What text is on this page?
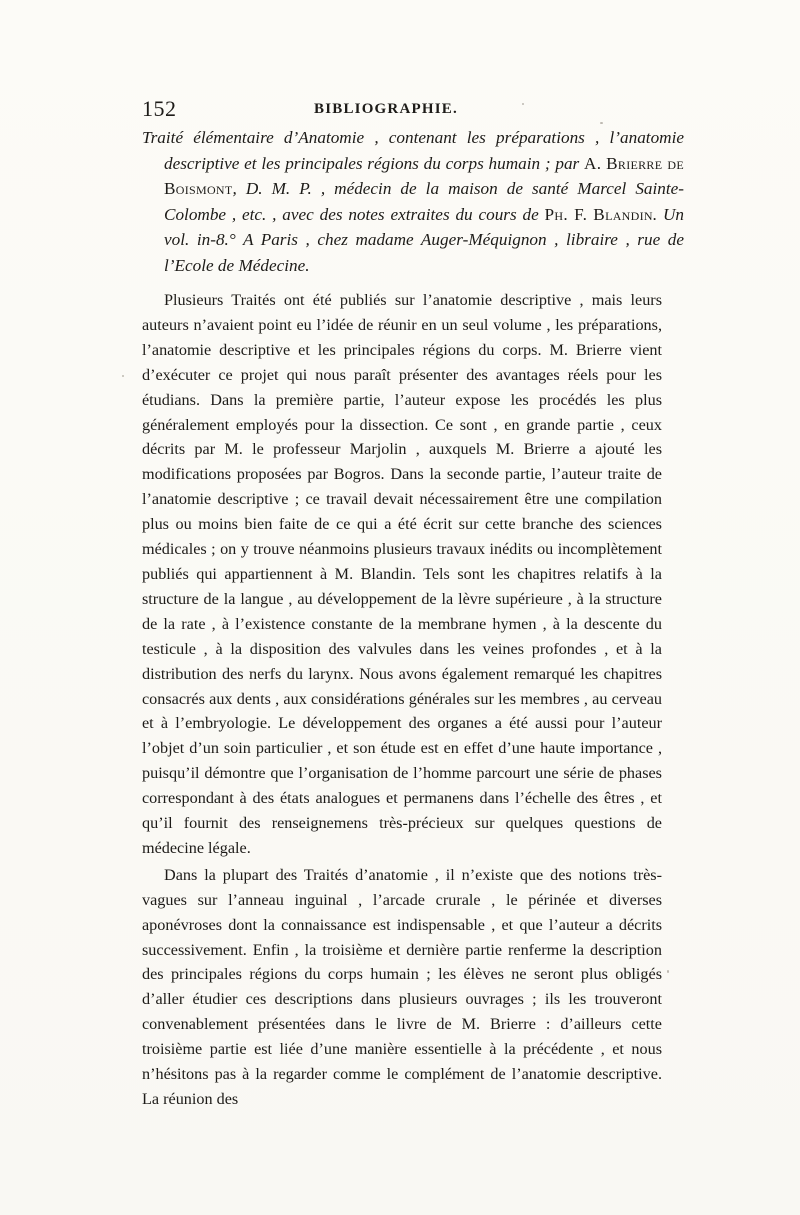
152	BIBLIOGRAPHIE.

Traité élémentaire d’Anatomie , contenant les préparations , l’anatomie descriptive et les principales régions du corps humain ; par A. Brierre de Boismont, D. M. P. , médecin de la maison de santé Marcel Sainte-Colombe , etc. , avec des notes extraites du cours de Ph. F. Blandin. Un vol. in-8.° A Paris , chez madame Auger-Méquignon , libraire , rue de l’Ecole de Médecine.

Plusieurs Traités ont été publiés sur l’anatomie descriptive , mais leurs auteurs n’avaient point eu l’idée de réunir en un seul volume , les préparations, l’anatomie descriptive et les principales régions du corps. M. Brierre vient d’exécuter ce projet qui nous paraît présenter des avantages réels pour les étudians. Dans la première partie, l’auteur expose les procédés les plus généralement employés pour la dissection. Ce sont , en grande partie , ceux décrits par M. le professeur Marjolin , auxquels M. Brierre a ajouté les modifications proposées par Bogros. Dans la seconde partie, l’auteur traite de l’anatomie descriptive ; ce travail devait nécessairement être une compilation plus ou moins bien faite de ce qui a été écrit sur cette branche des sciences médicales ; on y trouve néanmoins plusieurs travaux inédits ou incomplètement publiés qui appartiennent à M. Blandin. Tels sont les chapitres relatifs à la structure de la langue , au développement de la lèvre supérieure , à la structure de la rate , à l’existence constante de la membrane hymen , à la descente du testicule , à la disposition des valvules dans les veines profondes , et à la distribution des nerfs du larynx. Nous avons également remarqué les chapitres consacrés aux dents , aux considérations générales sur les membres , au cerveau et à l’embryologie. Le développement des organes a été aussi pour l’auteur l’objet d’un soin particulier , et son étude est en effet d’une haute importance , puisqu’il démontre que l’organisation de l’homme parcourt une série de phases correspondant à des états analogues et permanens dans l’échelle des êtres , et qu’il fournit des renseignemens très-précieux sur quelques questions de médecine légale.

Dans la plupart des Traités d’anatomie , il n’existe que des notions très-vagues sur l’anneau inguinal , l’arcade crurale , le périnée et diverses aponévroses dont la connaissance est indispensable , et que l’auteur a décrits successivement. Enfin , la troisième et dernière partie renferme la description des principales régions du corps humain ; les élèves ne seront plus obligés d’aller étudier ces descriptions dans plusieurs ouvrages ; ils les trouveront convenablement présentées dans le livre de M. Brierre : d’ailleurs cette troisième partie est liée d’une manière essentielle à la précédente , et nous n’hésitons pas à la regarder comme le complément de l’anatomie descriptive. La réunion des
